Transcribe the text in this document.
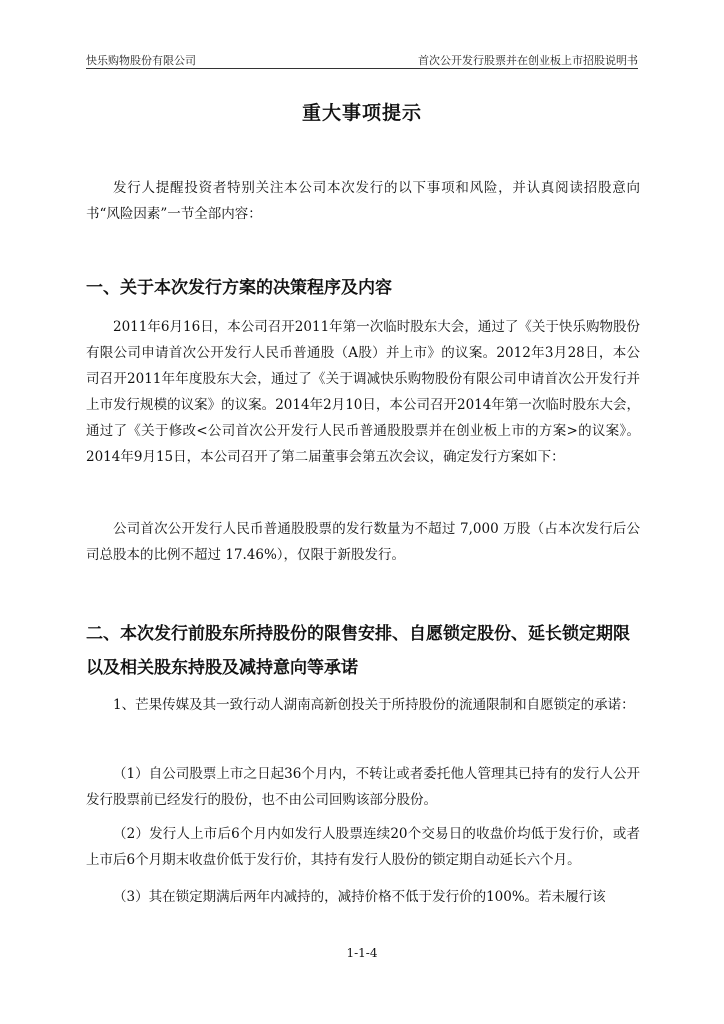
快乐购物股份有限公司	首次公开发行股票并在创业板上市招股说明书
重大事项提示

发行人提醒投资者特别关注本公司本次发行的以下事项和风险，并认真阅读招股意向书“风险因素”一节全部内容：

一、关于本次发行方案的决策程序及内容

2011年6月16日，本公司召开2011年第一次临时股东大会，通过了《关于快乐购物股份有限公司申请首次公开发行人民币普通股（A股）并上市》的议案。2012年3月28日，本公司召开2011年年度股东大会，通过了《关于调减快乐购物股份有限公司申请首次公开发行并上市发行规模的议案》的议案。2014年2月10日，本公司召开2014年第一次临时股东大会，通过了《关于修改<公司首次公开发行人民币普通股股票并在创业板上市的方案>的议案》。2014年9月15日，本公司召开了第二届董事会第五次会议，确定发行方案如下：

公司首次公开发行人民币普通股股票的发行数量为不超过 7,000 万股（占本次发行后公司总股本的比例不超过 17.46%），仅限于新股发行。

二、本次发行前股东所持股份的限售安排、自愿锁定股份、延长锁定期限以及相关股东持股及减持意向等承诺

1、芒果传媒及其一致行动人湖南高新创投关于所持股份的流通限制和自愿锁定的承诺：

（1）自公司股票上市之日起36个月内，不转让或者委托他人管理其已持有的发行人公开发行股票前已经发行的股份，也不由公司回购该部分股份。

（2）发行人上市后6个月内如发行人股票连续20个交易日的收盘价均低于发行价，或者上市后6个月期末收盘价低于发行价，其持有发行人股份的锁定期自动延长六个月。

（3）其在锁定期满后两年内减持的，减持价格不低于发行价的100%。若未履行该

1-1-4
